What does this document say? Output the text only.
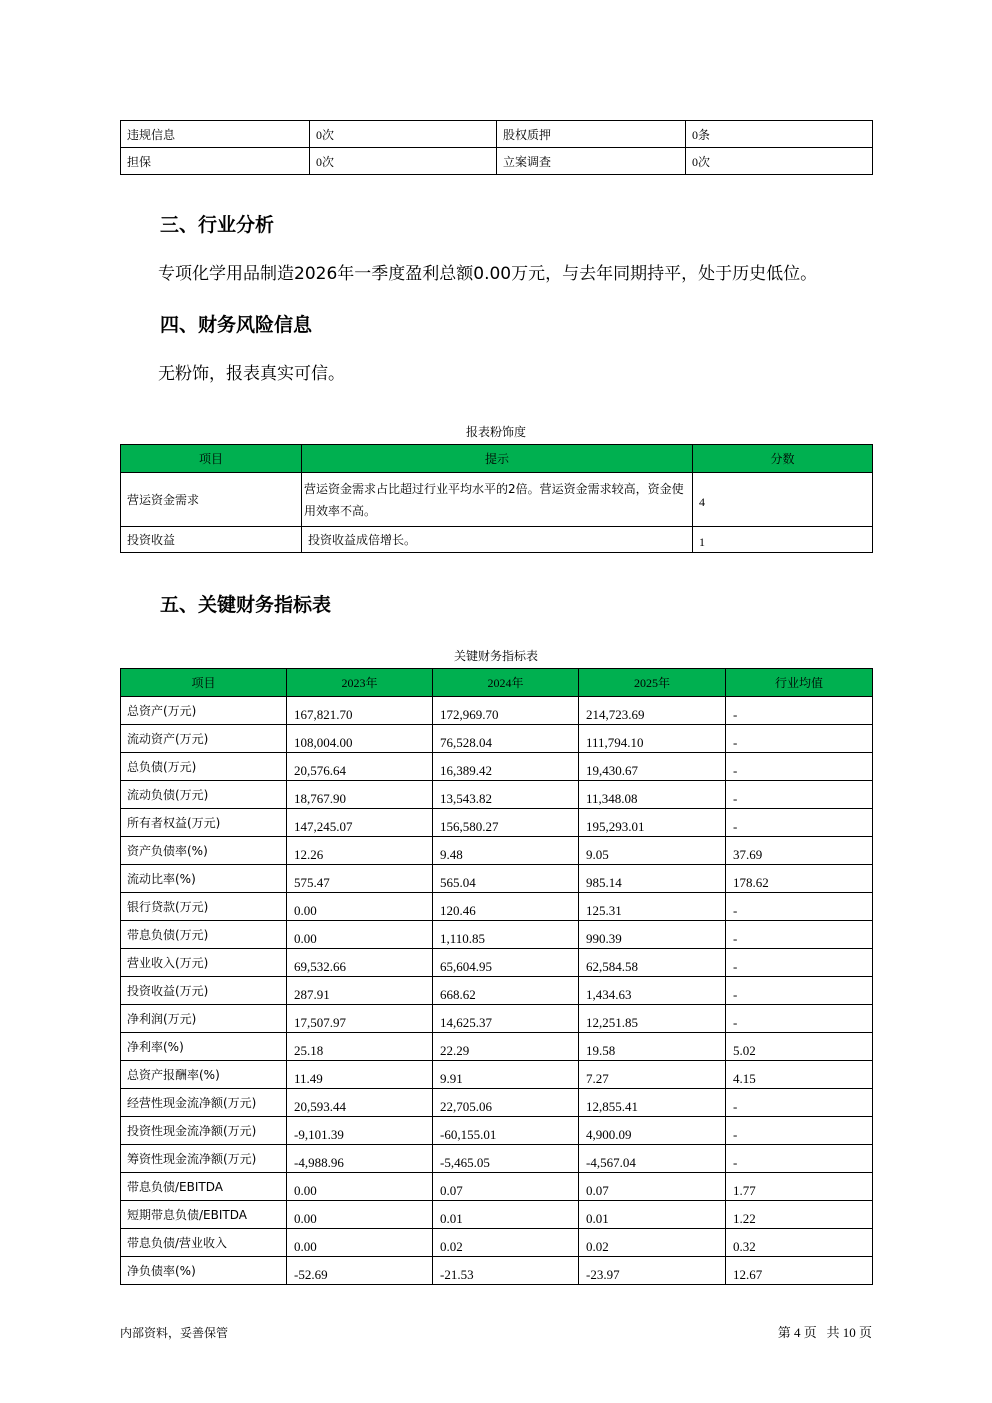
违规信息	0次	股权质押	0条
担保	0次	立案调查	0次
三、行业分析

专项化学用品制造2026年一季度盈利总额0.00万元，与去年同期持平，处于历史低位。

四、财务风险信息

无粉饰，报表真实可信。

报表粉饰度
项目	提示	分数
营运资金需求	营运资金需求占比超过行业平均水平的2倍。营运资金需求较高，资金使用效率不高。	4
投资收益	投资收益成倍增长。	1
五、关键财务指标表
关键财务指标表
项目	2023年	2024年	2025年	行业均值
总资产(万元)	167,821.70	172,969.70	214,723.69	-
流动资产(万元)	108,004.00	76,528.04	111,794.10	-
总负债(万元)	20,576.64	16,389.42	19,430.67	-
流动负债(万元)	18,767.90	13,543.82	11,348.08	-
所有者权益(万元)	147,245.07	156,580.27	195,293.01	-
资产负债率(%)	12.26	9.48	9.05	37.69
流动比率(%)	575.47	565.04	985.14	178.62
银行贷款(万元)	0.00	120.46	125.31	-
带息负债(万元)	0.00	1,110.85	990.39	-
营业收入(万元)	69,532.66	65,604.95	62,584.58	-
投资收益(万元)	287.91	668.62	1,434.63	-
净利润(万元)	17,507.97	14,625.37	12,251.85	-
净利率(%)	25.18	22.29	19.58	5.02
总资产报酬率(%)	11.49	9.91	7.27	4.15
经营性现金流净额(万元)	20,593.44	22,705.06	12,855.41	-
投资性现金流净额(万元)	-9,101.39	-60,155.01	4,900.09	-
筹资性现金流净额(万元)	-4,988.96	-5,465.05	-4,567.04	-
带息负债/EBITDA	0.00	0.07	0.07	1.77
短期带息负债/EBITDA	0.00	0.01	0.01	1.22
带息负债/营业收入	0.00	0.02	0.02	0.32
净负债率(%)	-52.69	-21.53	-23.97	12.67
内部资料，妥善保管	第 4 页   共 10 页
